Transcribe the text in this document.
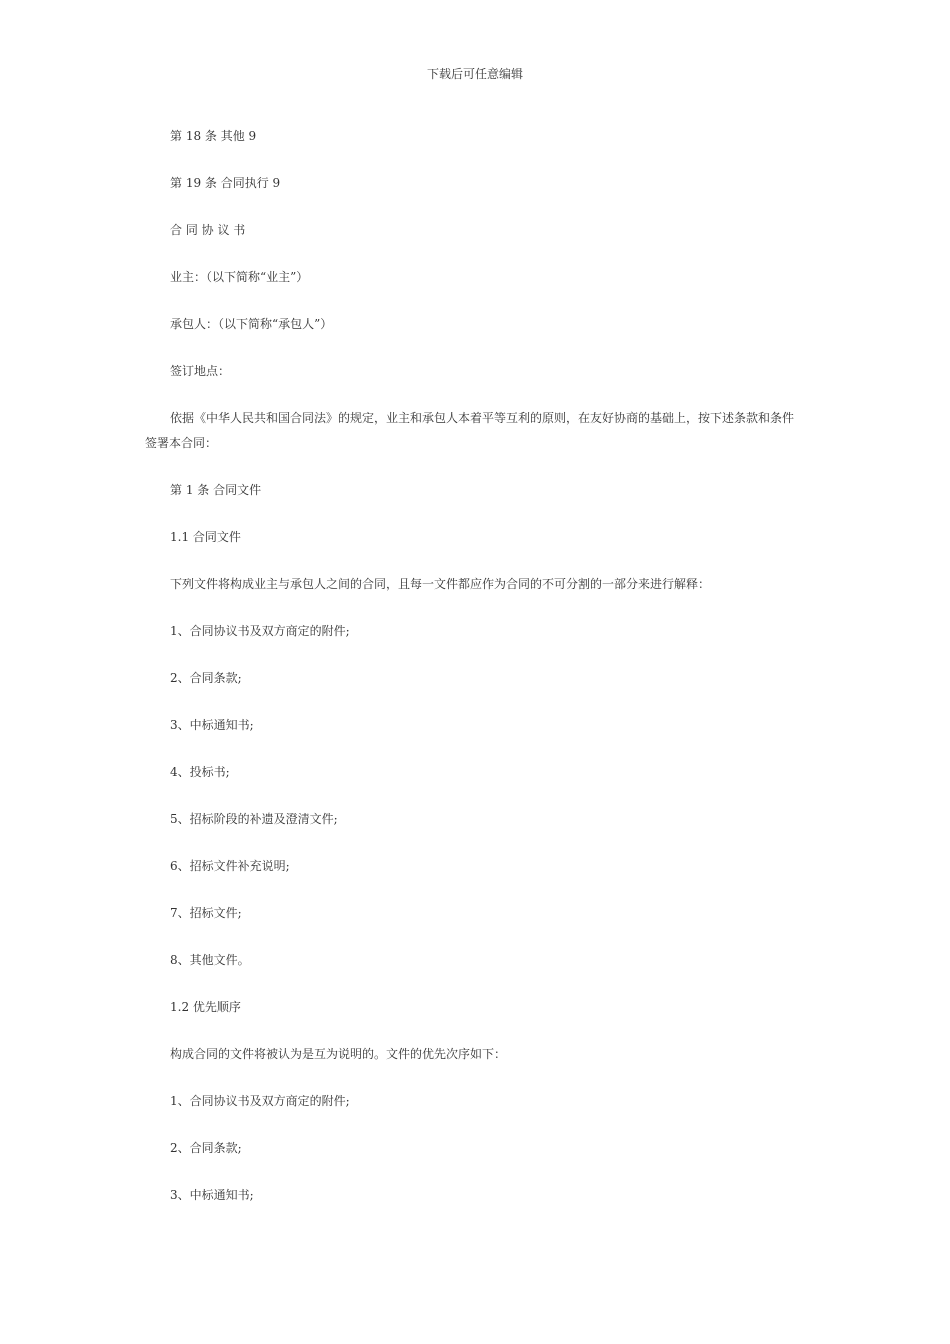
下载后可任意编辑

第 18 条 其他 9

第 19 条 合同执行 9

合 同 协 议 书

业主：（以下简称“业主”）

承包人：（以下简称“承包人”）

签订地点：

依据《中华人民共和国合同法》的规定，业主和承包人本着平等互利的原则，在友好协商的基础上，按下述条款和条件签署本合同：

第 1 条 合同文件

1.1 合同文件

下列文件将构成业主与承包人之间的合同，且每一文件都应作为合同的不可分割的一部分来进行解释：

1、合同协议书及双方商定的附件;

2、合同条款;

3、中标通知书;

4、投标书;

5、招标阶段的补遗及澄清文件;

6、招标文件补充说明;

7、招标文件;

8、其他文件。

1.2 优先顺序

构成合同的文件将被认为是互为说明的。文件的优先次序如下：

1、合同协议书及双方商定的附件;

2、合同条款;

3、中标通知书;
